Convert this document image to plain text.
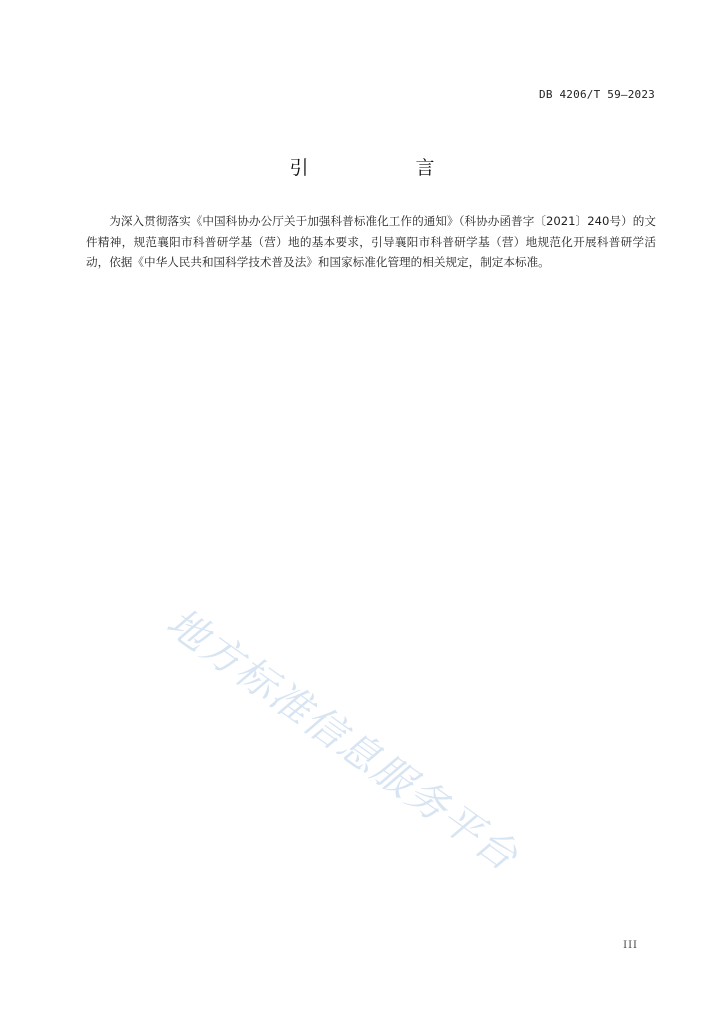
DB 4206/T 59—2023
引　言

为深入贯彻落实《中国科协办公厅关于加强科普标准化工作的通知》（科协办函普字〔2021〕240号）的文件精神，规范襄阳市科普研学基（营）地的基本要求，引导襄阳市科普研学基（营）地规范化开展科普研学活动，依据《中华人民共和国科学技术普及法》和国家标准化管理的相关规定，制定本标准。

地方标准信息服务平台
III
